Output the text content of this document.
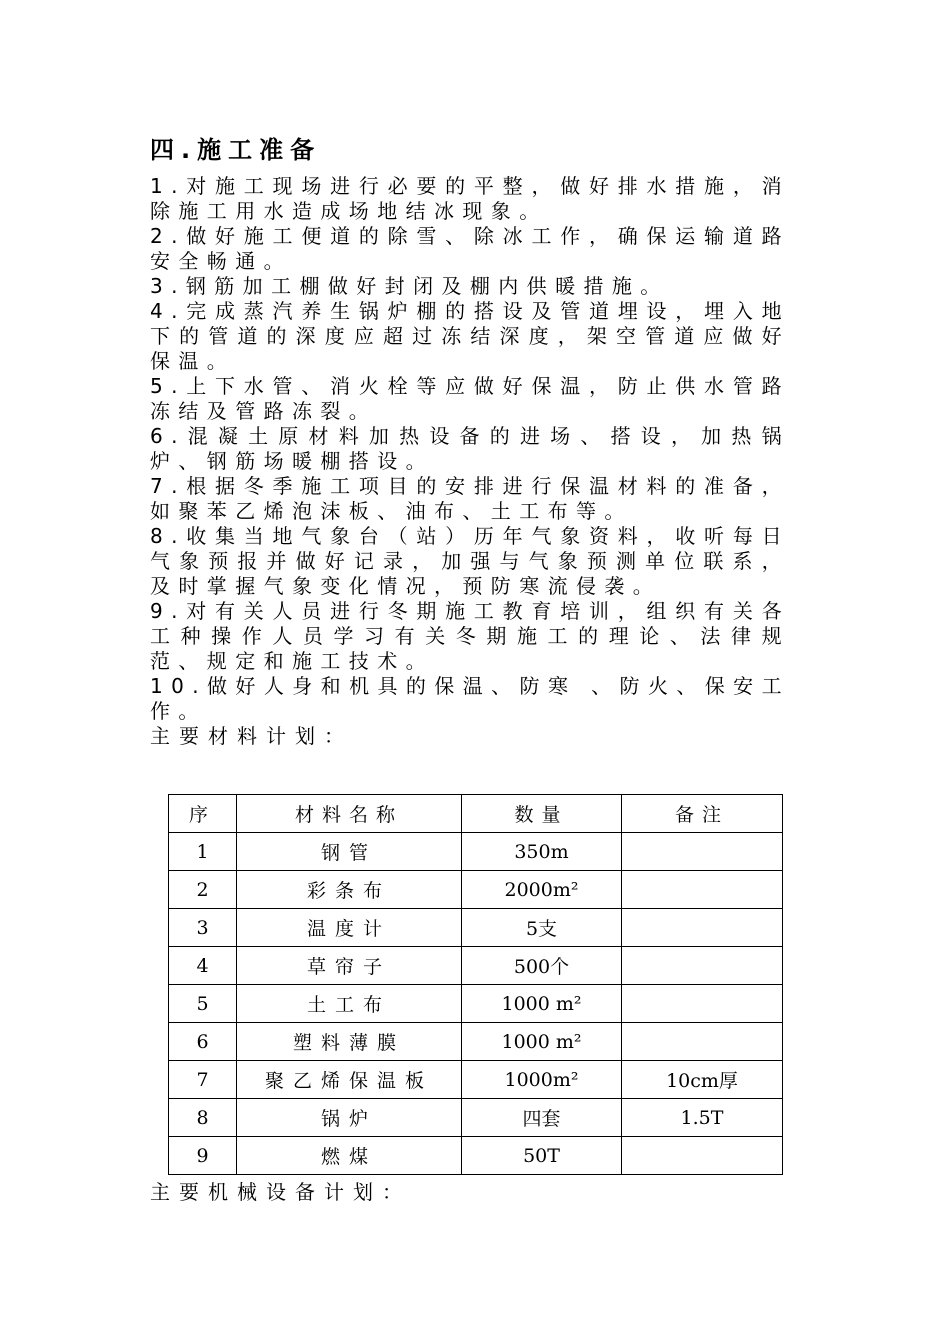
四.施工准备
1.对施工现场进行必要的平整，做好排水措施，消除施工用水造成场地结冰现象。
2.做好施工便道的除雪、除冰工作，确保运输道路安全畅通。
3.钢筋加工棚做好封闭及棚内供暖措施。
4.完成蒸汽养生锅炉棚的搭设及管道埋设，埋入地下的管道的深度应超过冻结深度，架空管道应做好保温。
5.上下水管、消火栓等应做好保温，防止供水管路冻结及管路冻裂。
6.混凝土原材料加热设备的进场、搭设，加热锅炉、钢筋场暖棚搭设。
7.根据冬季施工项目的安排进行保温材料的准备，如聚苯乙烯泡沫板、油布、土工布等。
8.收集当地气象台（站）历年气象资料，收听每日气象预报并做好记录，加强与气象预测单位联系，及时掌握气象变化情况，预防寒流侵袭。
9.对有关人员进行冬期施工教育培训，组织有关各工种操作人员学习有关冬期施工的理论、法律规范、规定和施工技术。
10.做好人身和机具的保温、防寒 、防火、保安工作。
主要材料计划：
序	材料名称	数量	备注
1	钢管	350m	
2	彩条布	2000m²	
3	温度计	5支	
4	草帘子	500个	
5	土工布	1000 m²	
6	塑料薄膜	1000 m²	
7	聚乙烯保温板	1000m²	10cm厚
8	锅炉	四套	1.5T
9	燃煤	50T	
主要机械设备计划：
